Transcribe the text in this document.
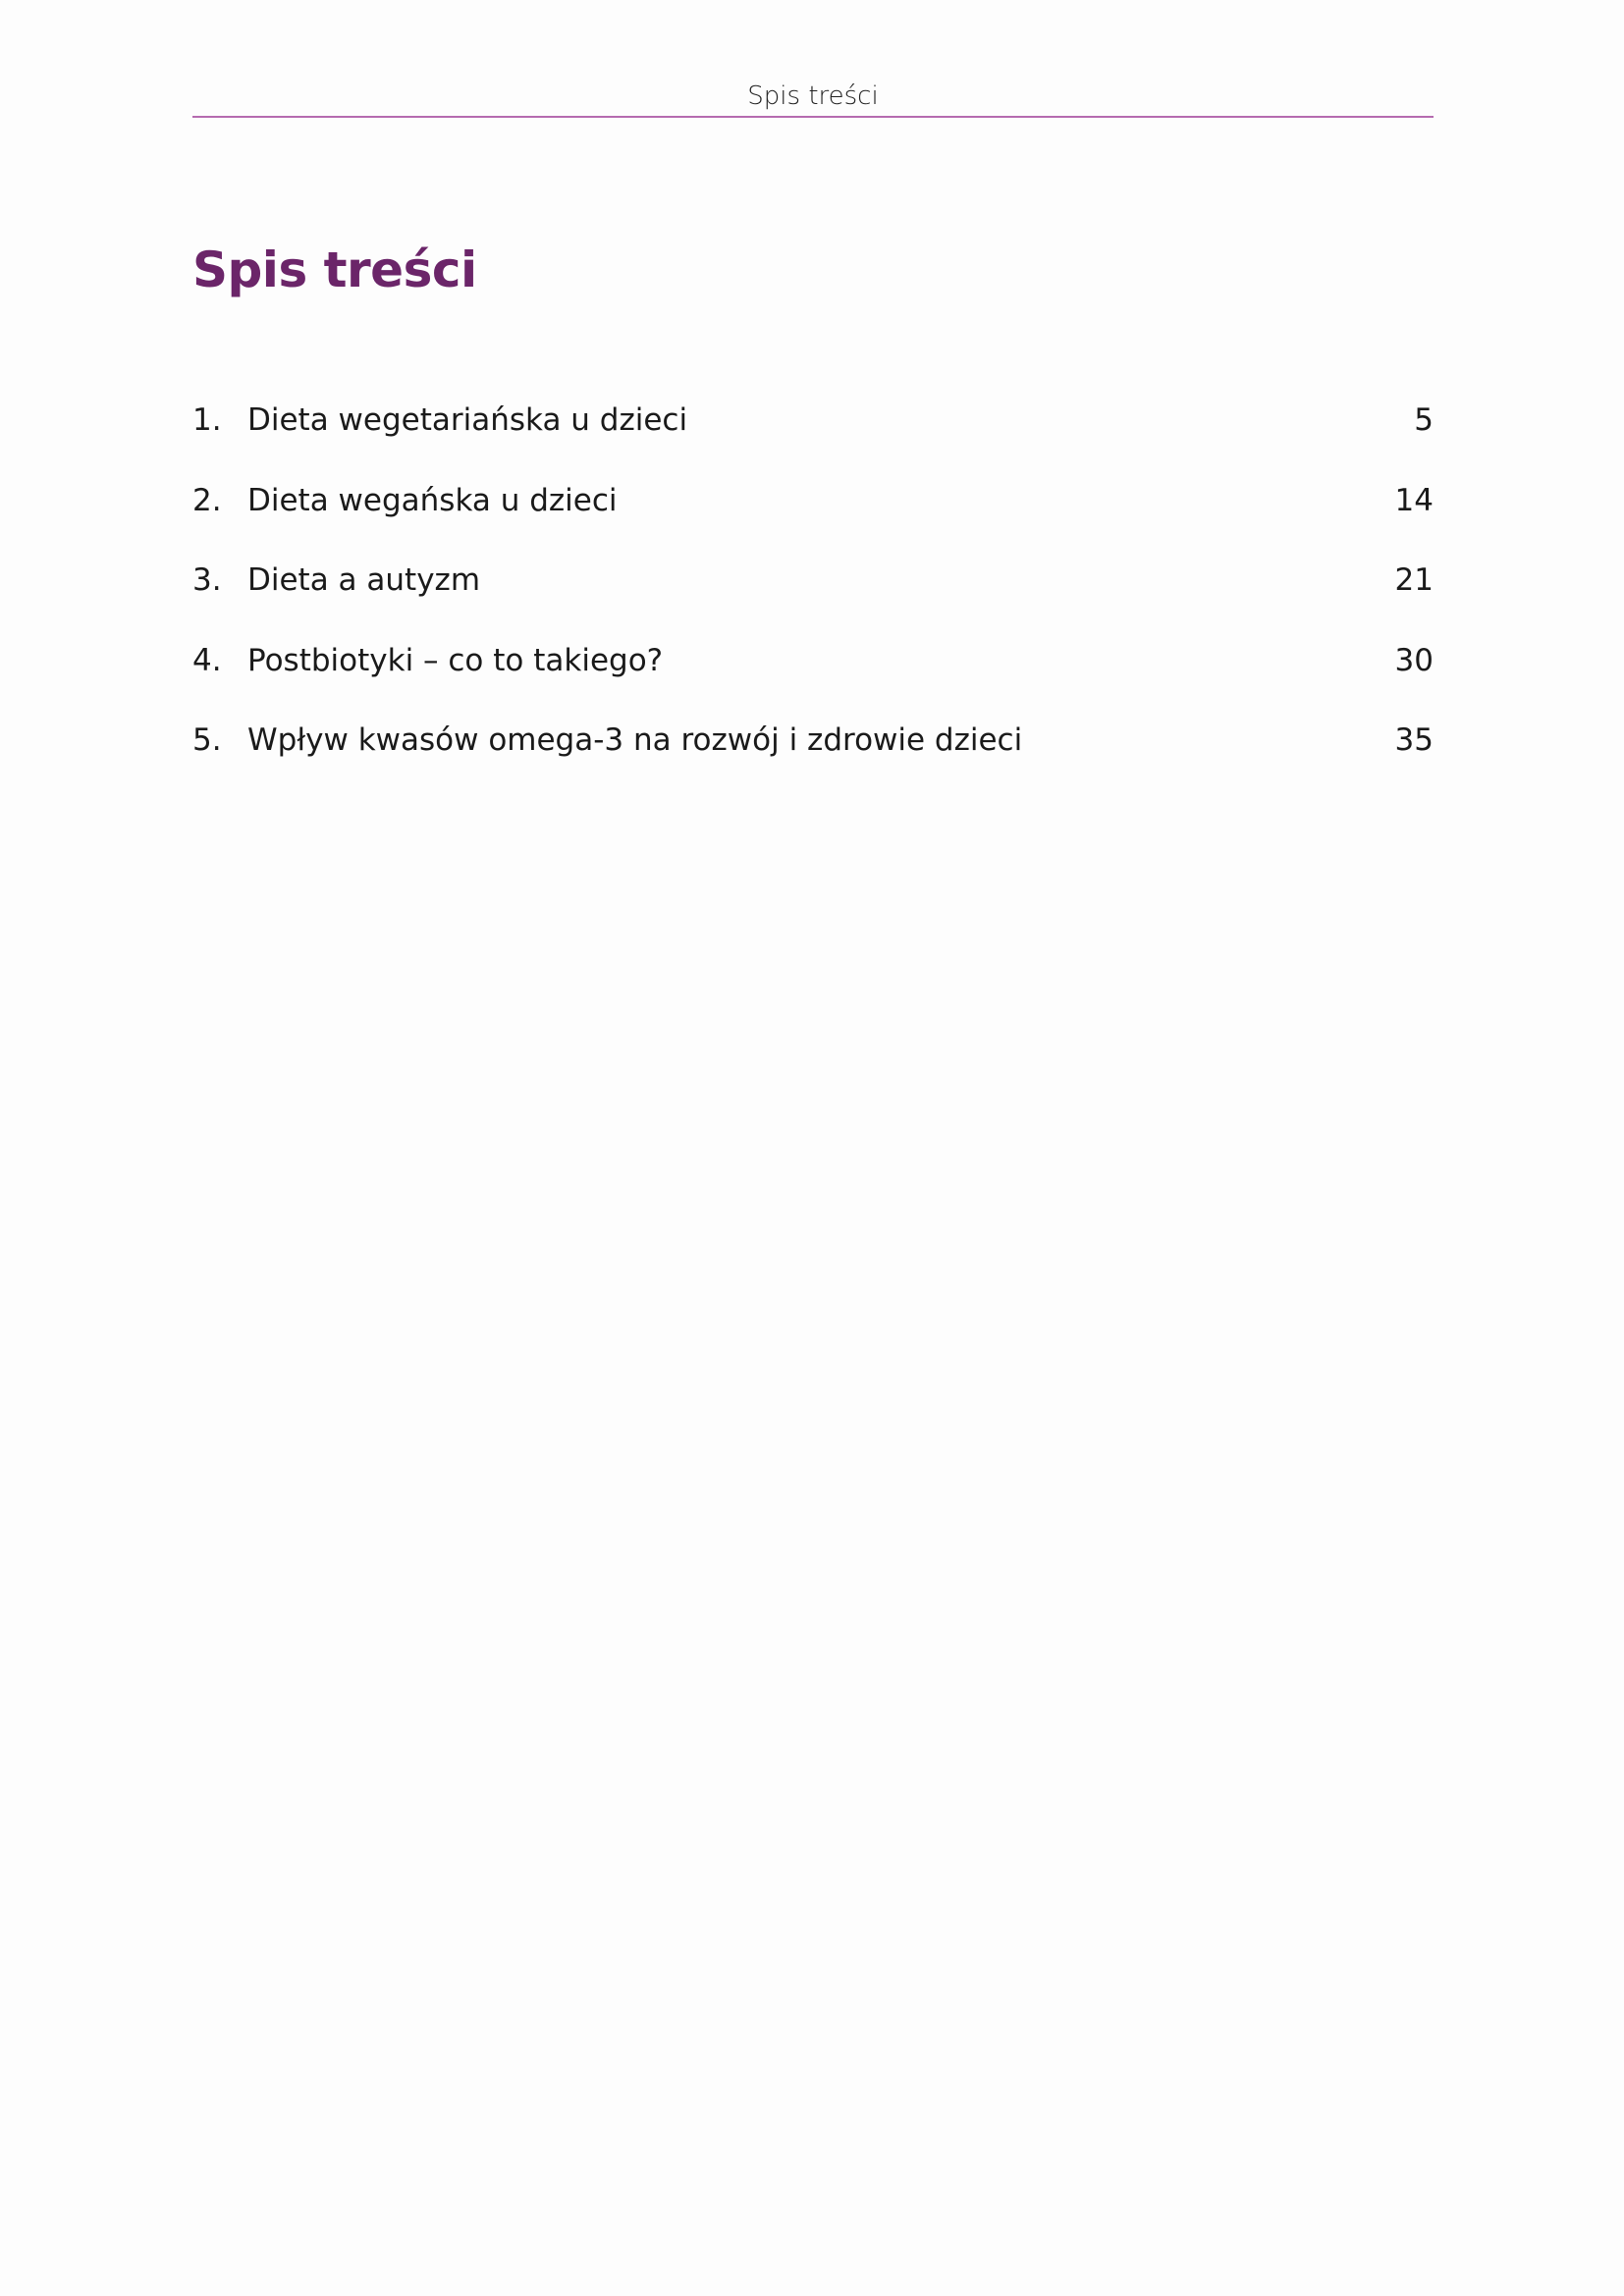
Spis treści
Spis treści
1. Dieta wegetariańska u dzieci	5
2. Dieta wegańska u dzieci	14
3. Dieta a autyzm	21
4. Postbiotyki – co to takiego?	30
5. Wpływ kwasów omega-3 na rozwój i zdrowie dzieci	35
